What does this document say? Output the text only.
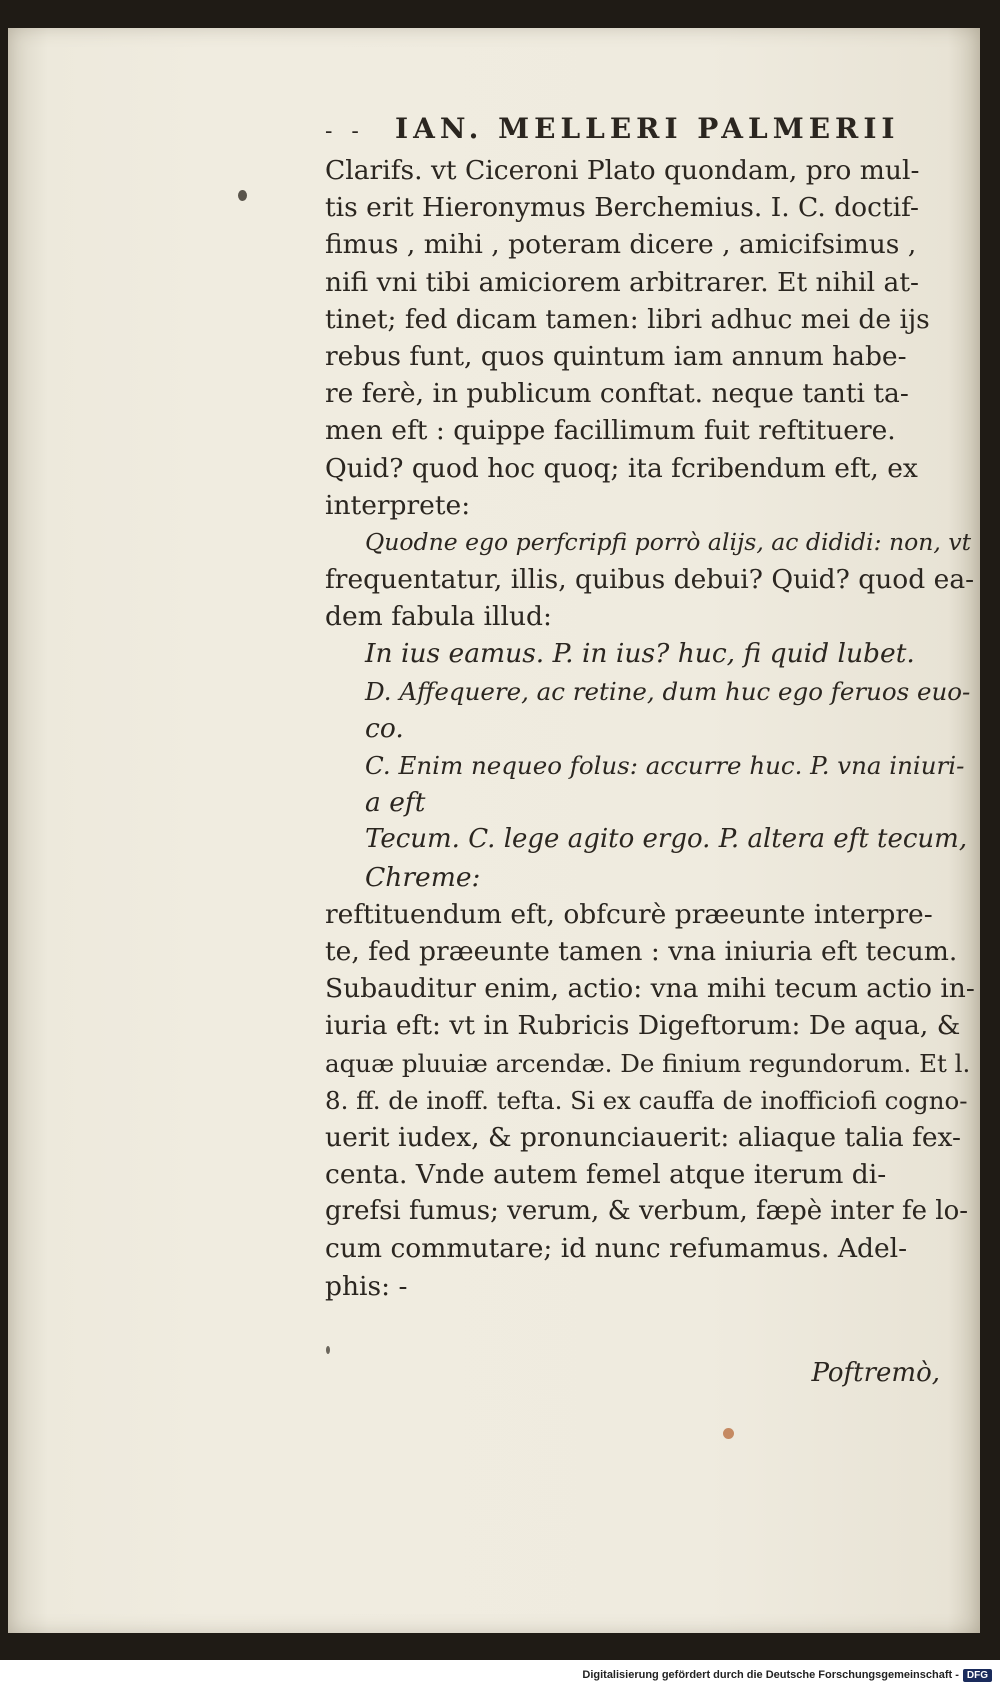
Poftremò,
- -	IAN. MELLERI PALMERII
Clarifs. vt Ciceroni Plato quondam, pro mul-
tis erit Hieronymus Berchemius. I. C. doctif-
fimus , mihi , poteram dicere , amicifsimus ,
nifi vni tibi amiciorem arbitrarer. Et nihil at-
tinet; fed dicam tamen: libri adhuc mei de ijs
rebus funt, quos quintum iam annum habe-
re ferè, in publicum conftat. neque tanti ta-
men eft : quippe facillimum fuit reftituere.
Quid? quod hoc quoq; ita fcribendum eft, ex
interprete:
Quodne ego perfcripfi porrò alijs, ac dididi: non, vt
frequentatur, illis, quibus debui? Quid? quod ea-
dem fabula illud:
In ius eamus. P. in ius? huc, fi quid lubet.
D. Affequere, ac retine, dum huc ego feruos euo-
co.
C. Enim nequeo folus: accurre huc. P. vna iniuri-
a eft
Tecum. C. lege agito ergo. P. altera eft tecum,
Chreme:
reftituendum eft, obfcurè præeunte interpre-
te, fed præeunte tamen : vna iniuria eft tecum.
Subauditur enim, actio: vna mihi tecum actio in-
iuria eft: vt in Rubricis Digeftorum: De aqua, &
aquæ pluuiæ arcendæ. De finium regundorum. Et l.
8. ff. de inoff. tefta. Si ex cauffa de inofficiofi cogno-
uerit iudex, & pronunciauerit: aliaque talia fex-
centa. Vnde autem femel atque iterum di-
grefsi fumus; verum, & verbum, fæpè inter fe lo-
cum commutare; id nunc refumamus. Adel-
phis: -
Digitalisierung gefördert durch die Deutsche Forschungsgemeinschaft - DFG
